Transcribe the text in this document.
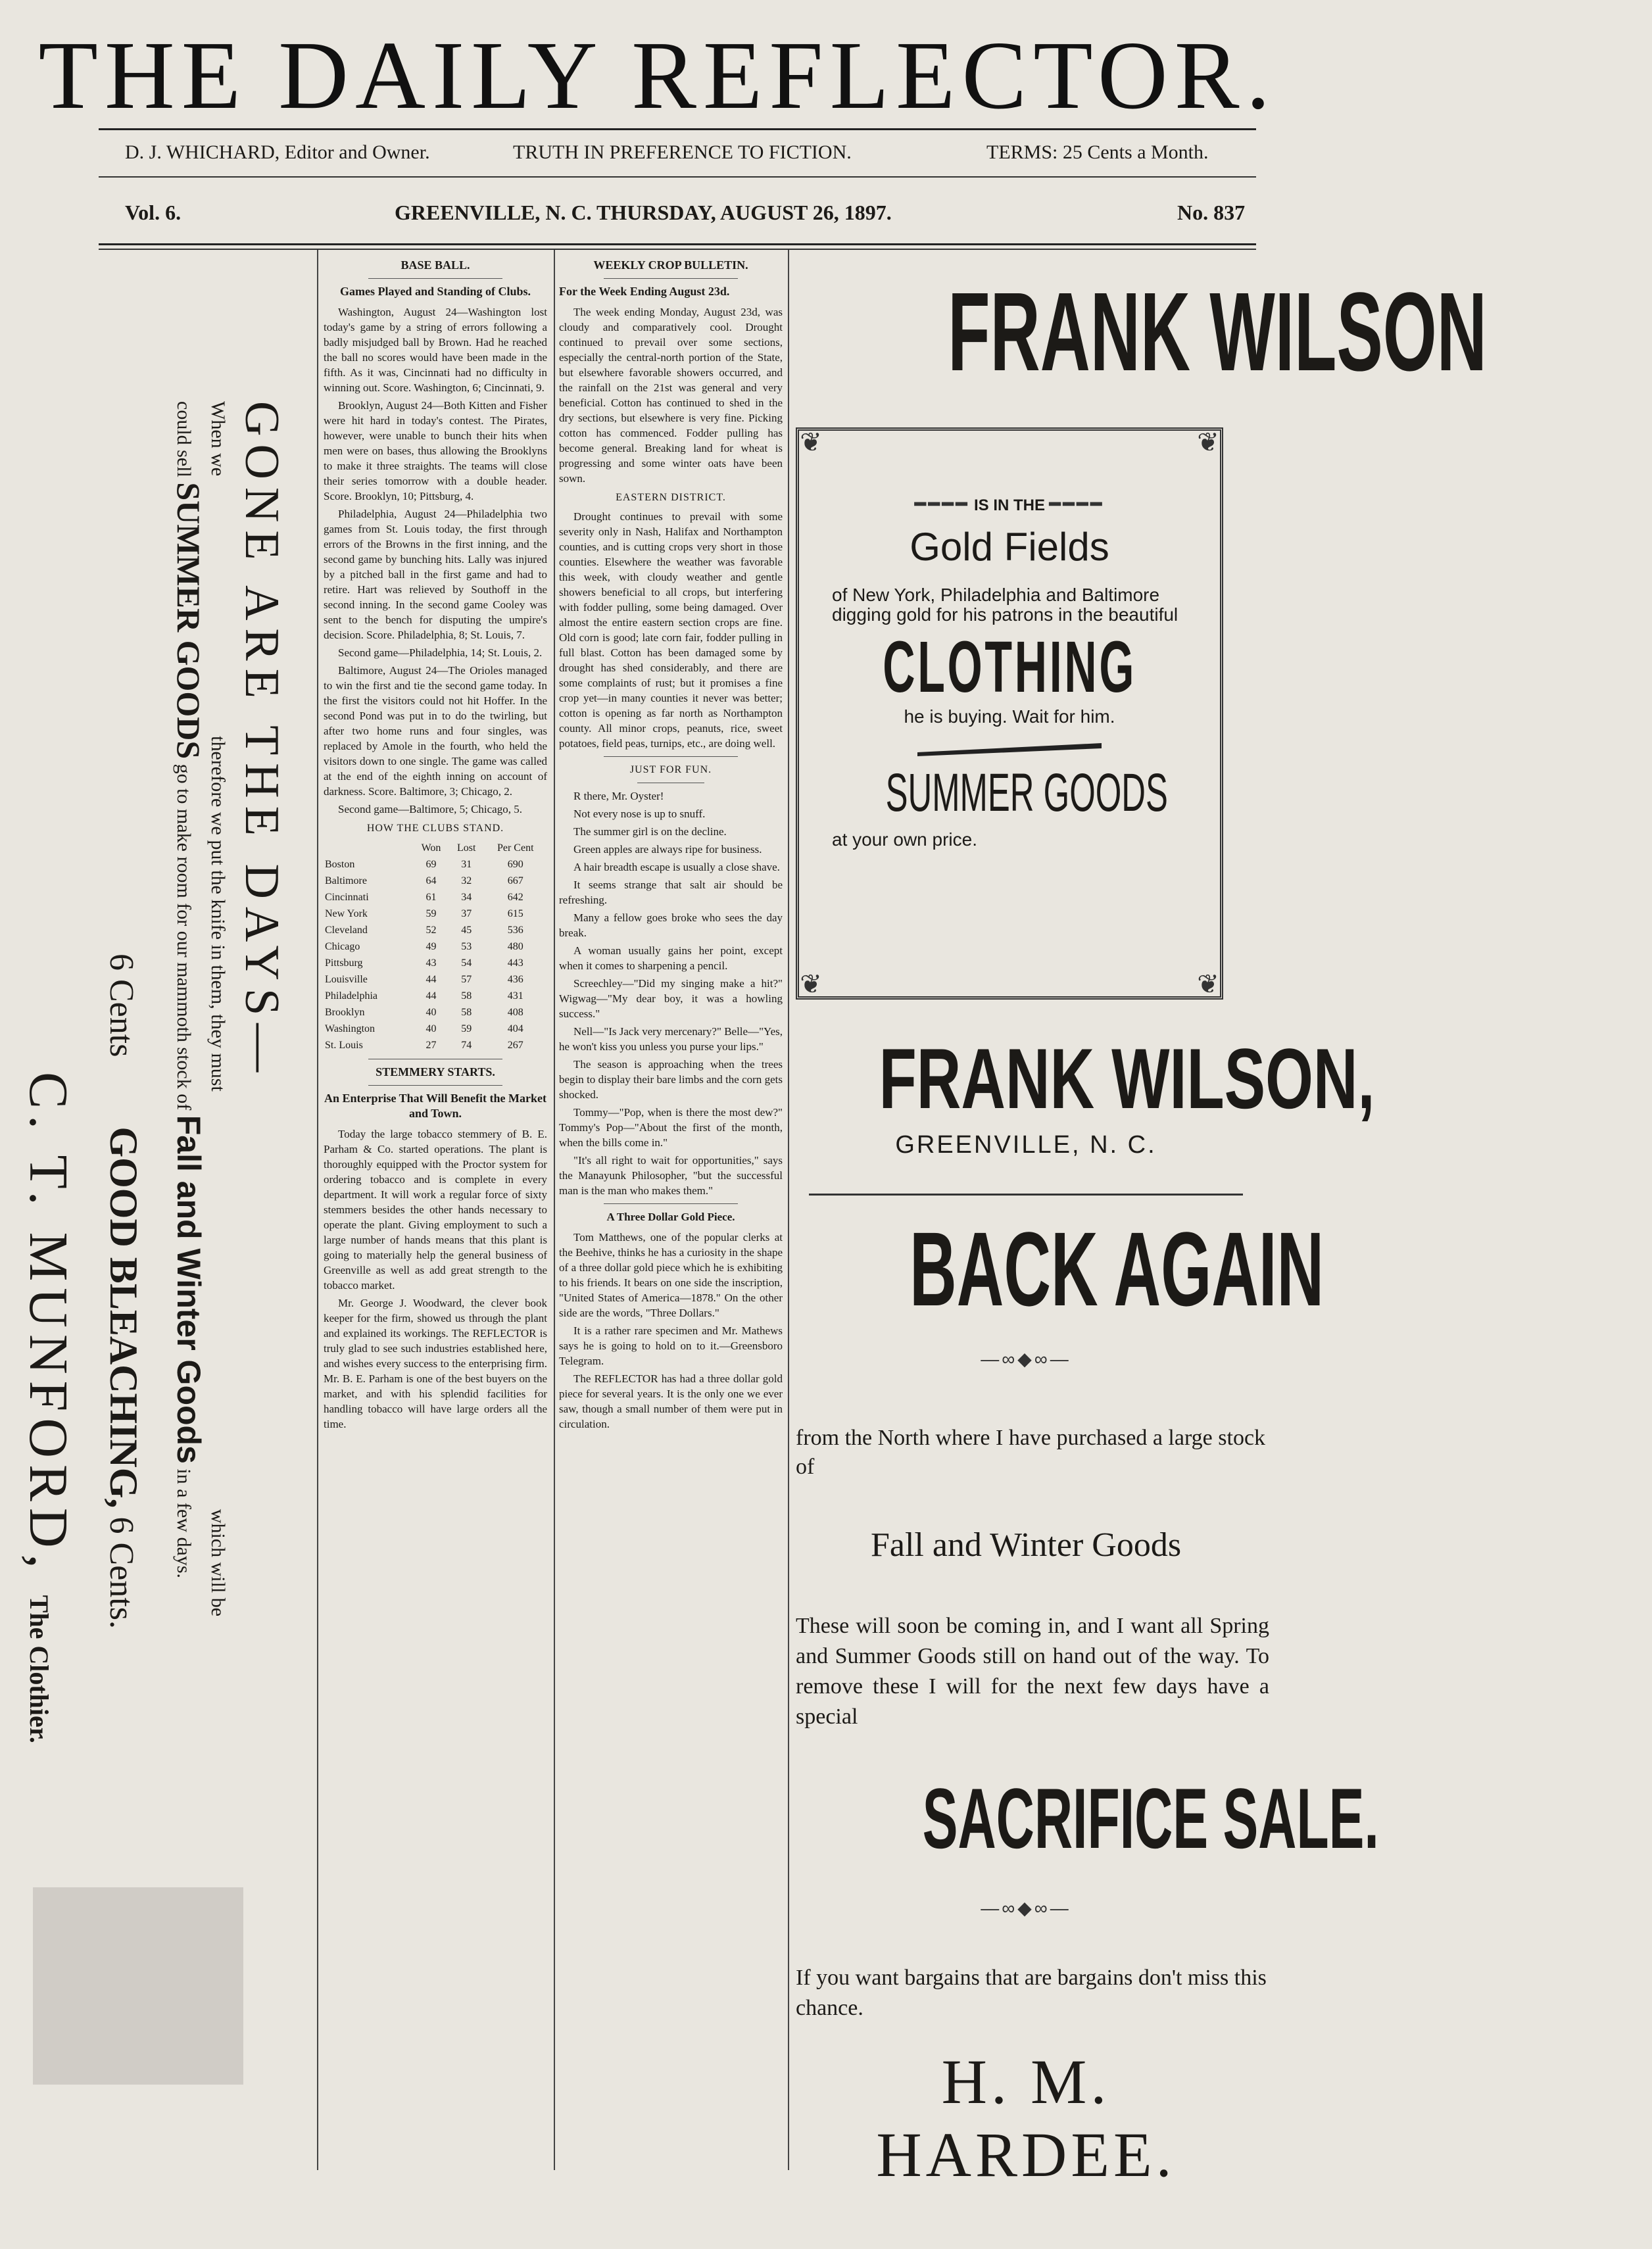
THE DAILY REFLECTOR.
D. J. WHICHARD, Editor and Owner.	TRUTH IN PREFERENCE TO FICTION.	TERMS: 25 Cents a Month.
Vol. 6.	GREENVILLE, N. C. THURSDAY, AUGUST 26, 1897.	No. 837
GONE ARE THE DAYS—
When we  therefore we put the knife in them, they must  which will be
could sell SUMMER GOODS go to make room for our mammoth stock of Fall and Winter Goods in a few days.
6 Cents  GOOD BLEACHING, 6 Cents.
C. T. MUNFORD, The Clothier.
BASE BALL.
Games Played and Standing of Clubs.

Washington, August 24—Washington lost today's game by a string of errors following a badly misjudged ball by Brown. Had he reached the ball no scores would have been made in the fifth. As it was, Cincinnati had no difficulty in winning out. Score. Washington, 6; Cincinnati, 9.

Brooklyn, August 24—Both Kitten and Fisher were hit hard in today's contest. The Pirates, however, were unable to bunch their hits when men were on bases, thus allowing the Brooklyns to make it three straights. The teams will close their series tomorrow with a double header. Score. Brooklyn, 10; Pittsburg, 4.

Philadelphia, August 24—Philadelphia two games from St. Louis today, the first through errors of the Browns in the first inning, and the second game by bunching hits. Lally was injured by a pitched ball in the first game and had to retire. Hart was relieved by Southoff in the second inning. In the second game Cooley was sent to the bench for disputing the umpire's decision. Score. Philadelphia, 8; St. Louis, 7.

Second game—Philadelphia, 14; St. Louis, 2.

Baltimore, August 24—The Orioles managed to win the first and tie the second game today. In the first the visitors could not hit Hoffer. In the second Pond was put in to do the twirling, but after two home runs and four singles, was replaced by Amole in the fourth, who held the visitors down to one single. The game was called at the end of the eighth inning on account of darkness. Score. Baltimore, 3; Chicago, 2.

Second game—Baltimore, 5; Chicago, 5.

HOW THE CLUBS STAND.
	Won	Lost	Per Cent
Boston	69	31	690
Baltimore	64	32	667
Cincinnati	61	34	642
New York	59	37	615
Cleveland	52	45	536
Chicago	49	53	480
Pittsburg	43	54	443
Louisville	44	57	436
Philadelphia	44	58	431
Brooklyn	40	58	408
Washington	40	59	404
St. Louis	27	74	267
STEMMERY STARTS.
An Enterprise That Will Benefit the Market and Town.

Today the large tobacco stemmery of B. E. Parham & Co. started operations. The plant is thoroughly equipped with the Proctor system for ordering tobacco and is complete in every department. It will work a regular force of sixty stemmers besides the other hands necessary to operate the plant. Giving employment to such a large number of hands means that this plant is going to materially help the general business of Greenville as well as add great strength to the tobacco market.

Mr. George J. Woodward, the clever book keeper for the firm, showed us through the plant and explained its workings. The REFLECTOR is truly glad to see such industries established here, and wishes every success to the enterprising firm. Mr. B. E. Parham is one of the best buyers on the market, and with his splendid facilities for handling tobacco will have large orders all the time.

WEEKLY CROP BULLETIN.
For the Week Ending August 23d.

The week ending Monday, August 23d, was cloudy and comparatively cool. Drought continued to prevail over some sections, especially the central-north portion of the State, but elsewhere favorable showers occurred, and the rainfall on the 21st was general and very beneficial. Cotton has continued to shed in the dry sections, but elsewhere is very fine. Picking cotton has commenced. Fodder pulling has become general. Breaking land for wheat is progressing and some winter oats have been sown.

EASTERN DISTRICT.

Drought continues to prevail with some severity only in Nash, Halifax and Northampton counties, and is cutting crops very short in those counties. Elsewhere the weather was favorable this week, with cloudy weather and gentle showers beneficial to all crops, but interfering with fodder pulling, some being damaged. Over almost the entire eastern section crops are fine. Old corn is good; late corn fair, fodder pulling in full blast. Cotton has been damaged some by drought has shed considerably, and there are some complaints of rust; but it promises a fine crop yet—in many counties it never was better; cotton is opening as far north as Northampton county. All minor crops, peanuts, rice, sweet potatoes, field peas, turnips, etc., are doing well.

JUST FOR FUN.

R there, Mr. Oyster!

Not every nose is up to snuff.

The summer girl is on the decline.

Green apples are always ripe for business.

A hair breadth escape is usually a close shave.

It seems strange that salt air should be refreshing.

Many a fellow goes broke who sees the day break.

A woman usually gains her point, except when it comes to sharpening a pencil.

Screechley—"Did my singing make a hit?" Wigwag—"My dear boy, it was a howling success."

Nell—"Is Jack very mercenary?" Belle—"Yes, he won't kiss you unless you purse your lips."

The season is approaching when the trees begin to display their bare limbs and the corn gets shocked.

Tommy—"Pop, when is there the most dew?" Tommy's Pop—"About the first of the month, when the bills come in."

"It's all right to wait for opportunities," says the Manayunk Philosopher, "but the successful man is the man who makes them."

A Three Dollar Gold Piece.

Tom Matthews, one of the popular clerks at the Beehive, thinks he has a curiosity in the shape of a three dollar gold piece which he is exhibiting to his friends. It bears on one side the inscription, "United States of America—1878." On the other side are the words, "Three Dollars."

It is a rather rare specimen and Mr. Mathews says he is going to hold on to it.—Greensboro Telegram.

The REFLECTOR has had a three dollar gold piece for several years. It is the only one we ever saw, though a small number of them were put in circulation.

FRANK WILSON
❦	❦
❦	❦
━━━━ IS IN THE ━━━━
Gold Fields
of New York, Philadelphia and Baltimore digging gold for his patrons in the beautiful
CLOTHING
he is buying. Wait for him.
SUMMER GOODS
at your own price.
FRANK WILSON,
GREENVILLE, N. C.
BACK AGAIN
—∞◆∞—
from the North where I have purchased a large stock of
Fall and Winter Goods
These will soon be coming in, and I want all Spring and Summer Goods still on hand out of the way. To remove these I will for the next few days have a special
SACRIFICE SALE.
—∞◆∞—
If you want bargains that are bargains don't miss this chance.
H. M. HARDEE.
